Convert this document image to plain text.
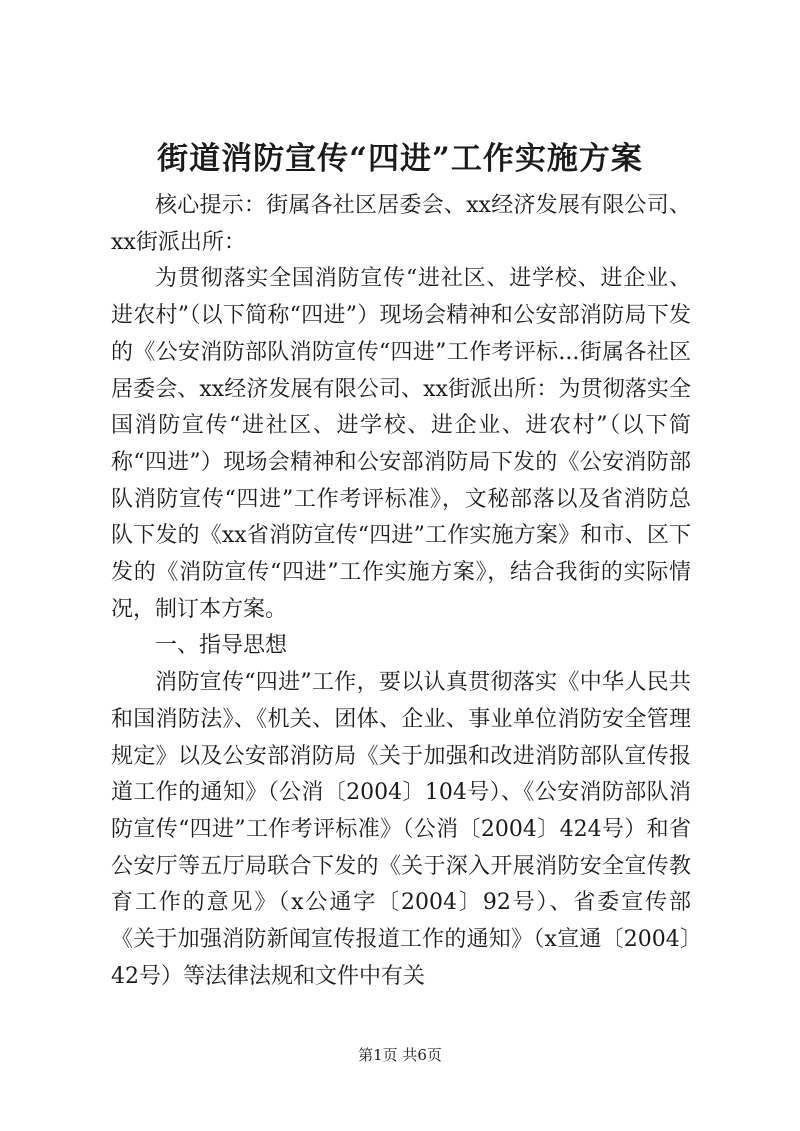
街道消防宣传“四进”工作实施方案

核心提示：街属各社区居委会、xx经济发展有限公司、xx街派出所：

为贯彻落实全国消防宣传“进社区、进学校、进企业、进农村”（以下简称“四进”）现场会精神和公安部消防局下发的《公安消防部队消防宣传“四进”工作考评标...街属各社区居委会、xx经济发展有限公司、xx街派出所：为贯彻落实全国消防宣传“进社区、进学校、进企业、进农村”（以下简称“四进”）现场会精神和公安部消防局下发的《公安消防部队消防宣传“四进”工作考评标准》，文秘部落以及省消防总队下发的《xx省消防宣传“四进”工作实施方案》和市、区下发的《消防宣传“四进”工作实施方案》，结合我街的实际情况，制订本方案。

一、指导思想

消防宣传“四进”工作，要以认真贯彻落实《中华人民共和国消防法》、《机关、团体、企业、事业单位消防安全管理规定》以及公安部消防局《关于加强和改进消防部队宣传报道工作的通知》（公消〔2004〕104号）、《公安消防部队消防宣传“四进”工作考评标准》（公消〔2004〕424号）和省公安厅等五厅局联合下发的《关于深入开展消防安全宣传教育工作的意见》（x公通字〔2004〕92号）、省委宣传部《关于加强消防新闻宣传报道工作的通知》（x宣通〔2004〕42号）等法律法规和文件中有关

第1页 共6页
